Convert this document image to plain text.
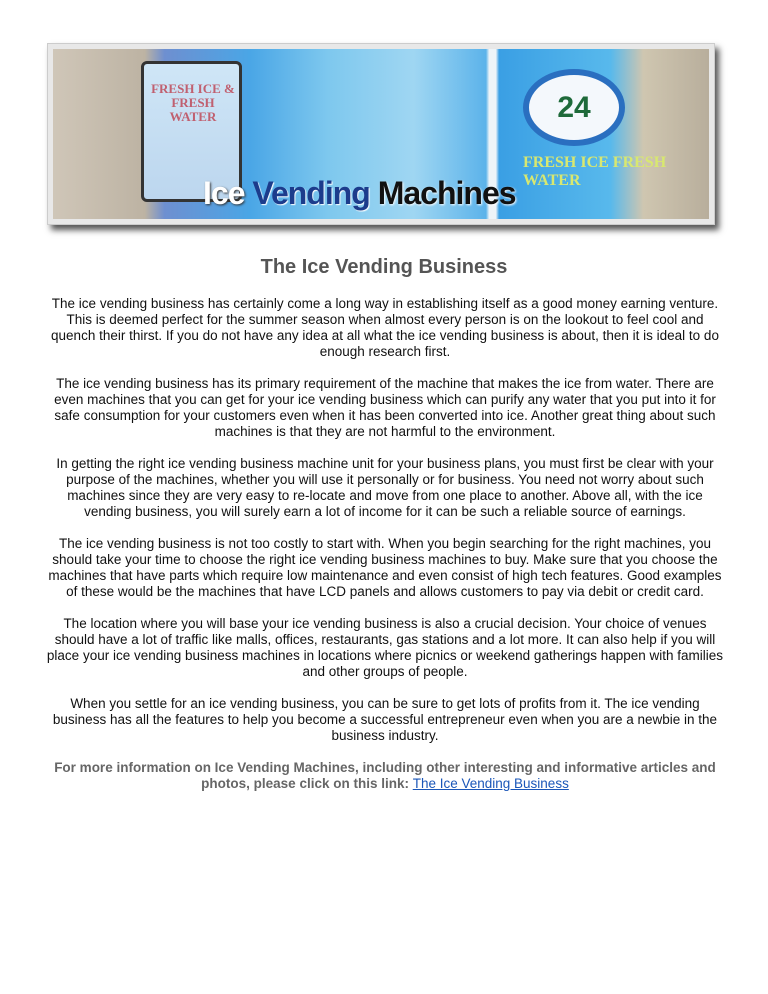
FRESH ICE & FRESH WATER	24
FRESH ICE FRESH WATER
Ice Vending Machines
The Ice Vending Business

The ice vending business has certainly come a long way in establishing itself as a good money earning venture. This is deemed perfect for the summer season when almost every person is on the lookout to feel cool and quench their thirst. If you do not have any idea at all what the ice vending business is about, then it is ideal to do enough research first.

The ice vending business has its primary requirement of the machine that makes the ice from water. There are even machines that you can get for your ice vending business which can purify any water that you put into it for safe consumption for your customers even when it has been converted into ice. Another great thing about such machines is that they are not harmful to the environment.

In getting the right ice vending business machine unit for your business plans, you must first be clear with your purpose of the machines, whether you will use it personally or for business. You need not worry about such machines since they are very easy to re-locate and move from one place to another. Above all, with the ice vending business, you will surely earn a lot of income for it can be such a reliable source of earnings.

The ice vending business is not too costly to start with. When you begin searching for the right machines, you should take your time to choose the right ice vending business machines to buy. Make sure that you choose the machines that have parts which require low maintenance and even consist of high tech features. Good examples of these would be the machines that have LCD panels and allows customers to pay via debit or credit card.

The location where you will base your ice vending business is also a crucial decision. Your choice of venues should have a lot of traffic like malls, offices, restaurants, gas stations and a lot more. It can also help if you will place your ice vending business machines in locations where picnics or weekend gatherings happen with families and other groups of people.

When you settle for an ice vending business, you can be sure to get lots of profits from it. The ice vending business has all the features to help you become a successful entrepreneur even when you are a newbie in the business industry.

For more information on Ice Vending Machines, including other interesting and informative articles and photos, please click on this link: The Ice Vending Business
